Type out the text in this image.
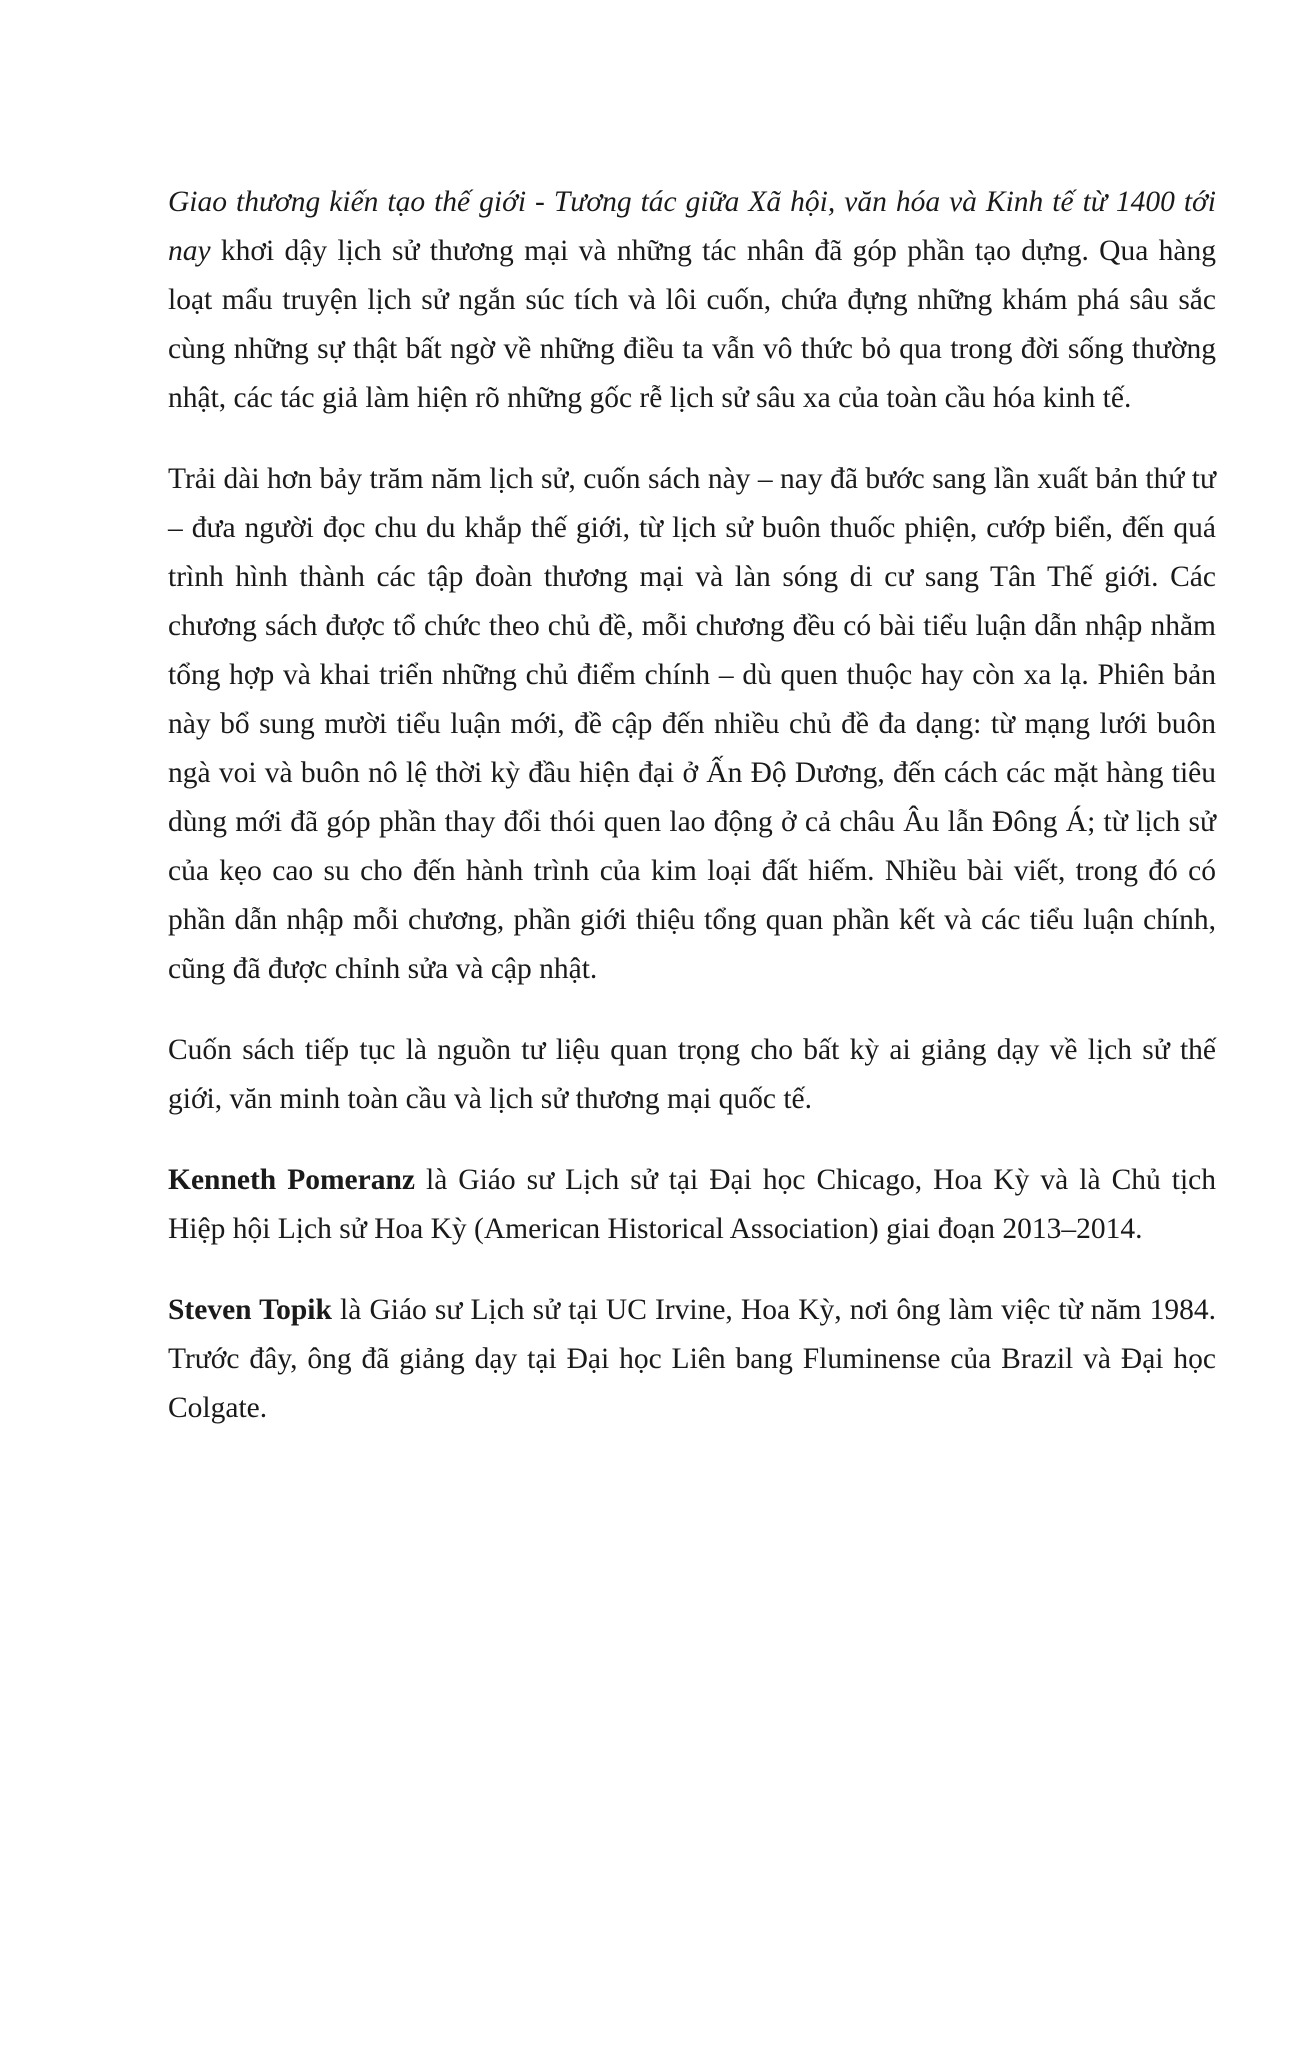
Giao thương kiến tạo thế giới - Tương tác giữa Xã hội, văn hóa và Kinh tế từ 1400 tới nay khơi dậy lịch sử thương mại và những tác nhân đã góp phần tạo dựng. Qua hàng loạt mẩu truyện lịch sử ngắn súc tích và lôi cuốn, chứa đựng những khám phá sâu sắc cùng những sự thật bất ngờ về những điều ta vẫn vô thức bỏ qua trong đời sống thường nhật, các tác giả làm hiện rõ những gốc rễ lịch sử sâu xa của toàn cầu hóa kinh tế.

Trải dài hơn bảy trăm năm lịch sử, cuốn sách này – nay đã bước sang lần xuất bản thứ tư – đưa người đọc chu du khắp thế giới, từ lịch sử buôn thuốc phiện, cướp biển, đến quá trình hình thành các tập đoàn thương mại và làn sóng di cư sang Tân Thế giới. Các chương sách được tổ chức theo chủ đề, mỗi chương đều có bài tiểu luận dẫn nhập nhằm tổng hợp và khai triển những chủ điểm chính – dù quen thuộc hay còn xa lạ. Phiên bản này bổ sung mười tiểu luận mới, đề cập đến nhiều chủ đề đa dạng: từ mạng lưới buôn ngà voi và buôn nô lệ thời kỳ đầu hiện đại ở Ấn Độ Dương, đến cách các mặt hàng tiêu dùng mới đã góp phần thay đổi thói quen lao động ở cả châu Âu lẫn Đông Á; từ lịch sử của kẹo cao su cho đến hành trình của kim loại đất hiếm. Nhiều bài viết, trong đó có phần dẫn nhập mỗi chương, phần giới thiệu tổng quan phần kết và các tiểu luận chính, cũng đã được chỉnh sửa và cập nhật.

Cuốn sách tiếp tục là nguồn tư liệu quan trọng cho bất kỳ ai giảng dạy về lịch sử thế giới, văn minh toàn cầu và lịch sử thương mại quốc tế.

Kenneth Pomeranz là Giáo sư Lịch sử tại Đại học Chicago, Hoa Kỳ và là Chủ tịch Hiệp hội Lịch sử Hoa Kỳ (American Historical Association) giai đoạn 2013–2014.

Steven Topik là Giáo sư Lịch sử tại UC Irvine, Hoa Kỳ, nơi ông làm việc từ năm 1984. Trước đây, ông đã giảng dạy tại Đại học Liên bang Fluminense của Brazil và Đại học Colgate.
